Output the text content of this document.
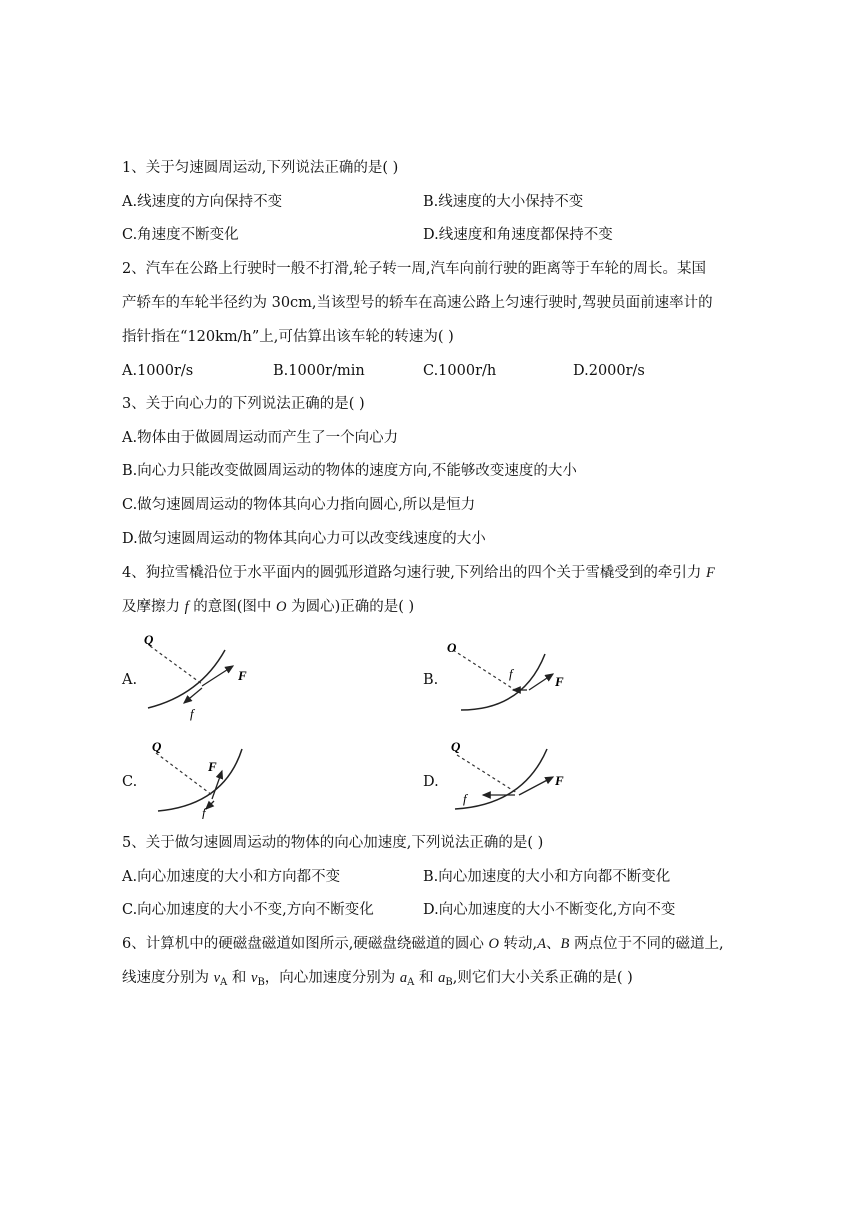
1、关于匀速圆周运动,下列说法正确的是( )
A.线速度的方向保持不变	B.线速度的大小保持不变
C.角速度不断变化	D.线速度和角速度都保持不变
2、汽车在公路上行驶时一般不打滑,轮子转一周,汽车向前行驶的距离等于车轮的周长。某国
产轿车的车轮半径约为 30cm,当该型号的轿车在高速公路上匀速行驶时,驾驶员面前速率计的
指针指在“120km/h”上,可估算出该车轮的转速为( )
A.1000r/s	B.1000r/min	C.1000r/h	D.2000r/s
3、关于向心力的下列说法正确的是( )
A.物体由于做圆周运动而产生了一个向心力
B.向心力只能改变做圆周运动的物体的速度方向,不能够改变速度的大小
C.做匀速圆周运动的物体其向心力指向圆心,所以是恒力
D.做匀速圆周运动的物体其向心力可以改变线速度的大小
4、狗拉雪橇沿位于水平面内的圆弧形道路匀速行驶,下列给出的四个关于雪橇受到的牵引力 F
及摩擦力 f 的意图(图中 O 为圆心)正确的是( )
A.
Q
F
f
B.
O
f
F
C.
Q
F
f
D.
Q
f
F
5、关于做匀速圆周运动的物体的向心加速度,下列说法正确的是( )
A.向心加速度的大小和方向都不变	B.向心加速度的大小和方向都不断变化
C.向心加速度的大小不变,方向不断变化	D.向心加速度的大小不断变化,方向不变
6、计算机中的硬磁盘磁道如图所示,硬磁盘绕磁道的圆心 O 转动,A、B 两点位于不同的磁道上,
线速度分别为 $v_A$ 和 $v_B$，向心加速度分别为 $a_A$ 和 $a_B$,则它们大小关系正确的是( )
